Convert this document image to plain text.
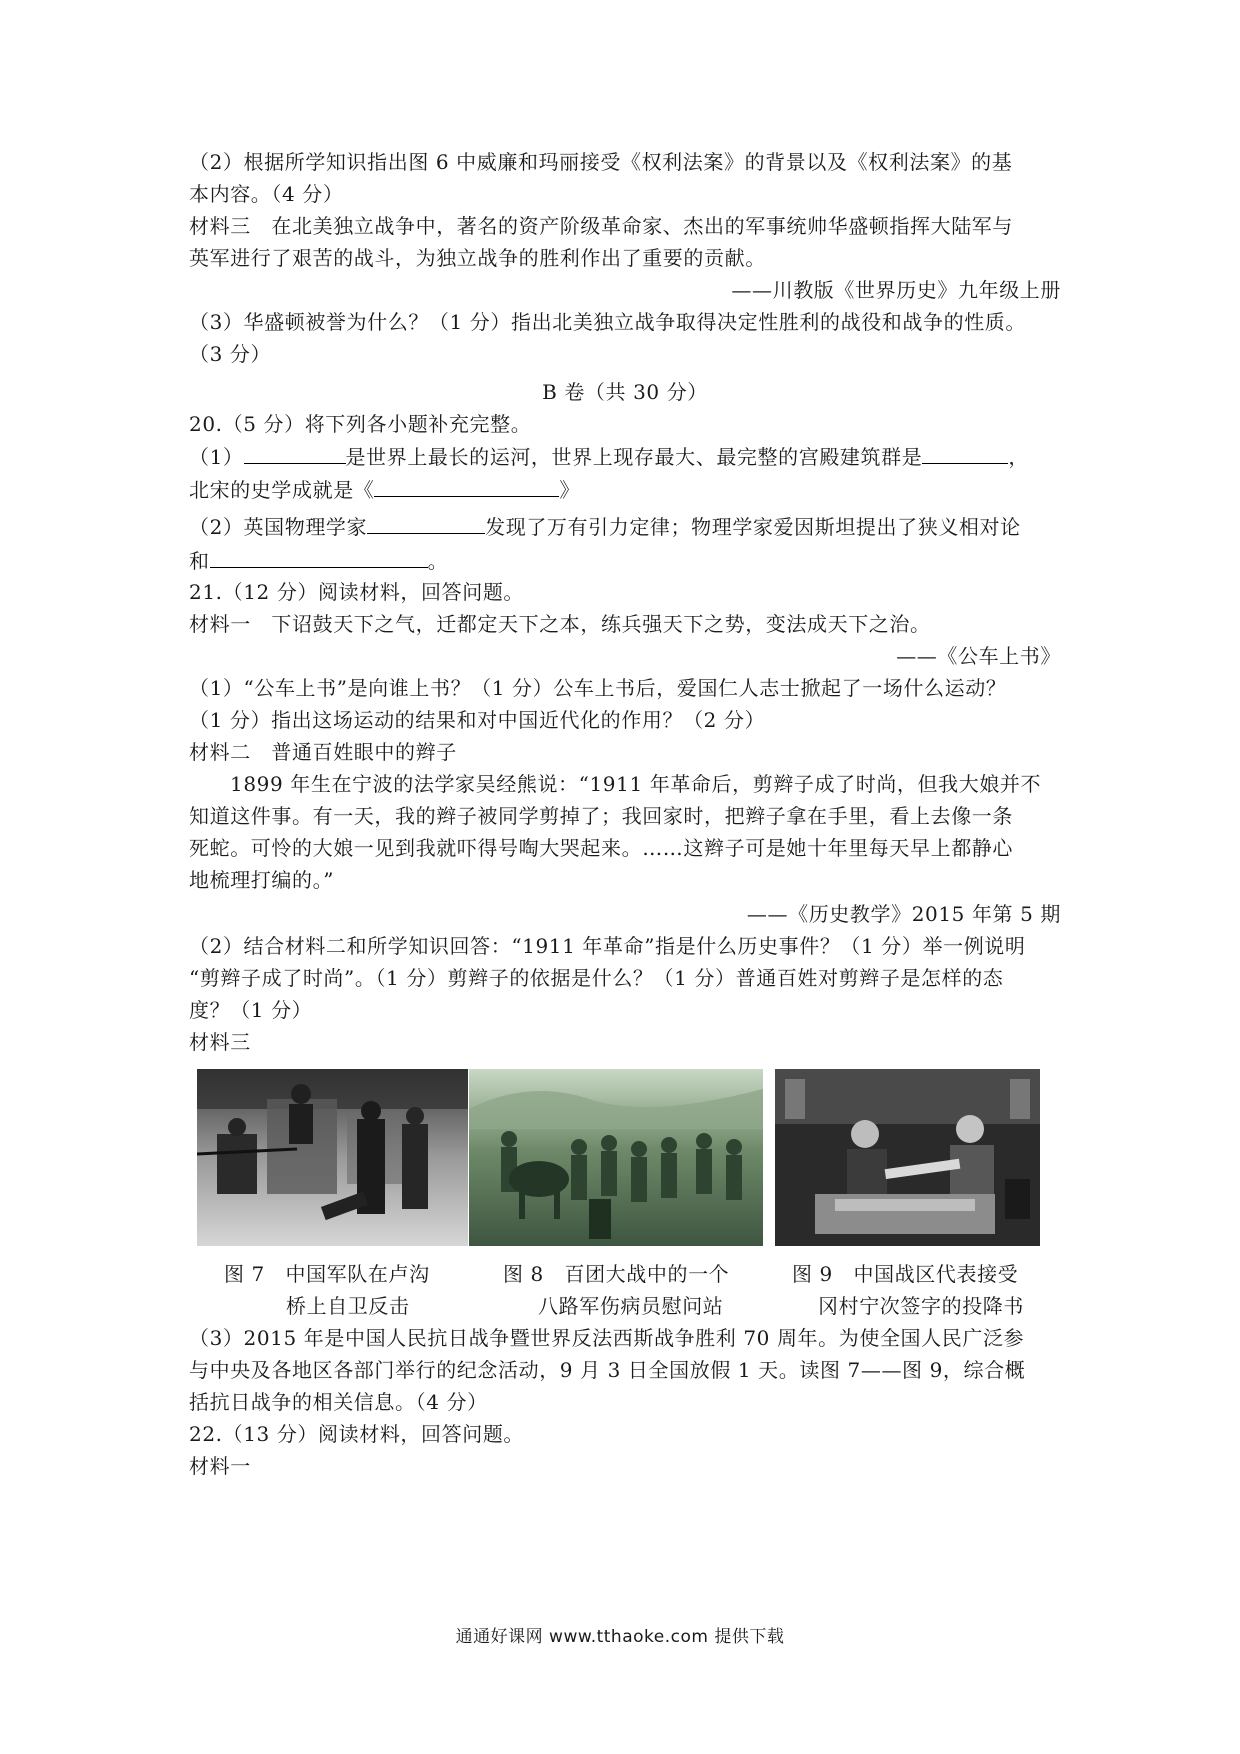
（2）根据所学知识指出图 6 中威廉和玛丽接受《权利法案》的背景以及《权利法案》的基
本内容。（4 分）
材料三　在北美独立战争中，著名的资产阶级革命家、杰出的军事统帅华盛顿指挥大陆军与
英军进行了艰苦的战斗，为独立战争的胜利作出了重要的贡献。
——川教版《世界历史》九年级上册
（3）华盛顿被誉为什么？（1 分）指出北美独立战争取得决定性胜利的战役和战争的性质。
（3 分）
B 卷（共 30 分）
20.（5 分）将下列各小题补充完整。
（1）	是世界上最长的运河，世界上现存最大、最完整的宫殿建筑群是	，
北宋的史学成就是《	》
（2）英国物理学家	发现了万有引力定律；物理学家爱因斯坦提出了狭义相对论
和	。
21.（12 分）阅读材料，回答问题。
材料一　下诏鼓天下之气，迁都定天下之本，练兵强天下之势，变法成天下之治。
——《公车上书》
（1）“公车上书”是向谁上书？（1 分）公车上书后，爱国仁人志士掀起了一场什么运动？
（1 分）指出这场运动的结果和对中国近代化的作用？（2 分）
材料二　普通百姓眼中的辫子
1899 年生在宁波的法学家吴经熊说：“1911 年革命后，剪辫子成了时尚，但我大娘并不
知道这件事。有一天，我的辫子被同学剪掉了；我回家时，把辫子拿在手里，看上去像一条
死蛇。可怜的大娘一见到我就吓得号啕大哭起来。……这辫子可是她十年里每天早上都静心
地梳理打编的。”
——《历史教学》2015 年第 5 期
（2）结合材料二和所学知识回答：“1911 年革命”指是什么历史事件？（1 分）举一例说明
“剪辫子成了时尚”。（1 分）剪辫子的依据是什么？（1 分）普通百姓对剪辫子是怎样的态
度？（1 分）
材料三
图 7　中国军队在卢沟
桥上自卫反击
图 8　百团大战中的一个
八路军伤病员慰问站
图 9　中国战区代表接受
冈村宁次签字的投降书
（3）2015 年是中国人民抗日战争暨世界反法西斯战争胜利 70 周年。为使全国人民广泛参
与中央及各地区各部门举行的纪念活动，9 月 3 日全国放假 1 天。读图 7——图 9，综合概
括抗日战争的相关信息。（4 分）
22.（13 分）阅读材料，回答问题。
材料一
通通好课网 www.tthaoke.com 提供下载
